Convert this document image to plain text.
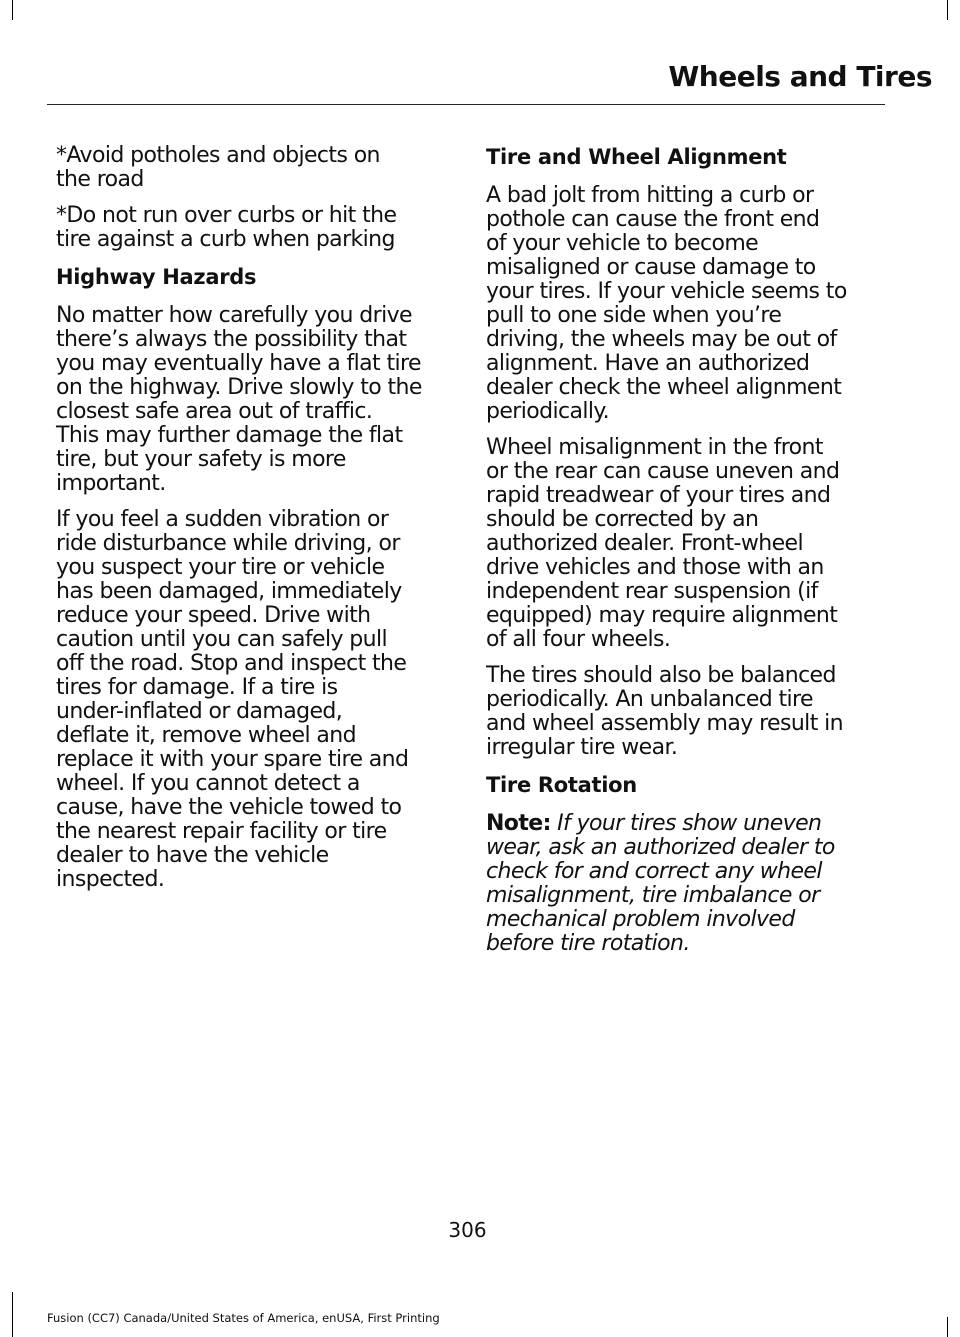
Wheels and Tires

*Avoid potholes and objects on
the road

*Do not run over curbs or hit the
tire against a curb when parking

Highway Hazards

No matter how carefully you drive
there’s always the possibility that
you may eventually have a flat tire
on the highway. Drive slowly to the
closest safe area out of traffic.
This may further damage the flat
tire, but your safety is more
important.

If you feel a sudden vibration or
ride disturbance while driving, or
you suspect your tire or vehicle
has been damaged, immediately
reduce your speed. Drive with
caution until you can safely pull
off the road. Stop and inspect the
tires for damage. If a tire is
under-inflated or damaged,
deflate it, remove wheel and
replace it with your spare tire and
wheel. If you cannot detect a
cause, have the vehicle towed to
the nearest repair facility or tire
dealer to have the vehicle
inspected.

Tire and Wheel Alignment

A bad jolt from hitting a curb or
pothole can cause the front end
of your vehicle to become
misaligned or cause damage to
your tires. If your vehicle seems to
pull to one side when you’re
driving, the wheels may be out of
alignment. Have an authorized
dealer check the wheel alignment
periodically.

Wheel misalignment in the front
or the rear can cause uneven and
rapid treadwear of your tires and
should be corrected by an
authorized dealer. Front-wheel
drive vehicles and those with an
independent rear suspension (if
equipped) may require alignment
of all four wheels.

The tires should also be balanced
periodically. An unbalanced tire
and wheel assembly may result in
irregular tire wear.

Tire Rotation

Note: If your tires show uneven
wear, ask an authorized dealer to
check for and correct any wheel
misalignment, tire imbalance or
mechanical problem involved
before tire rotation.

306
Fusion (CC7) Canada/United States of America, enUSA, First Printing
